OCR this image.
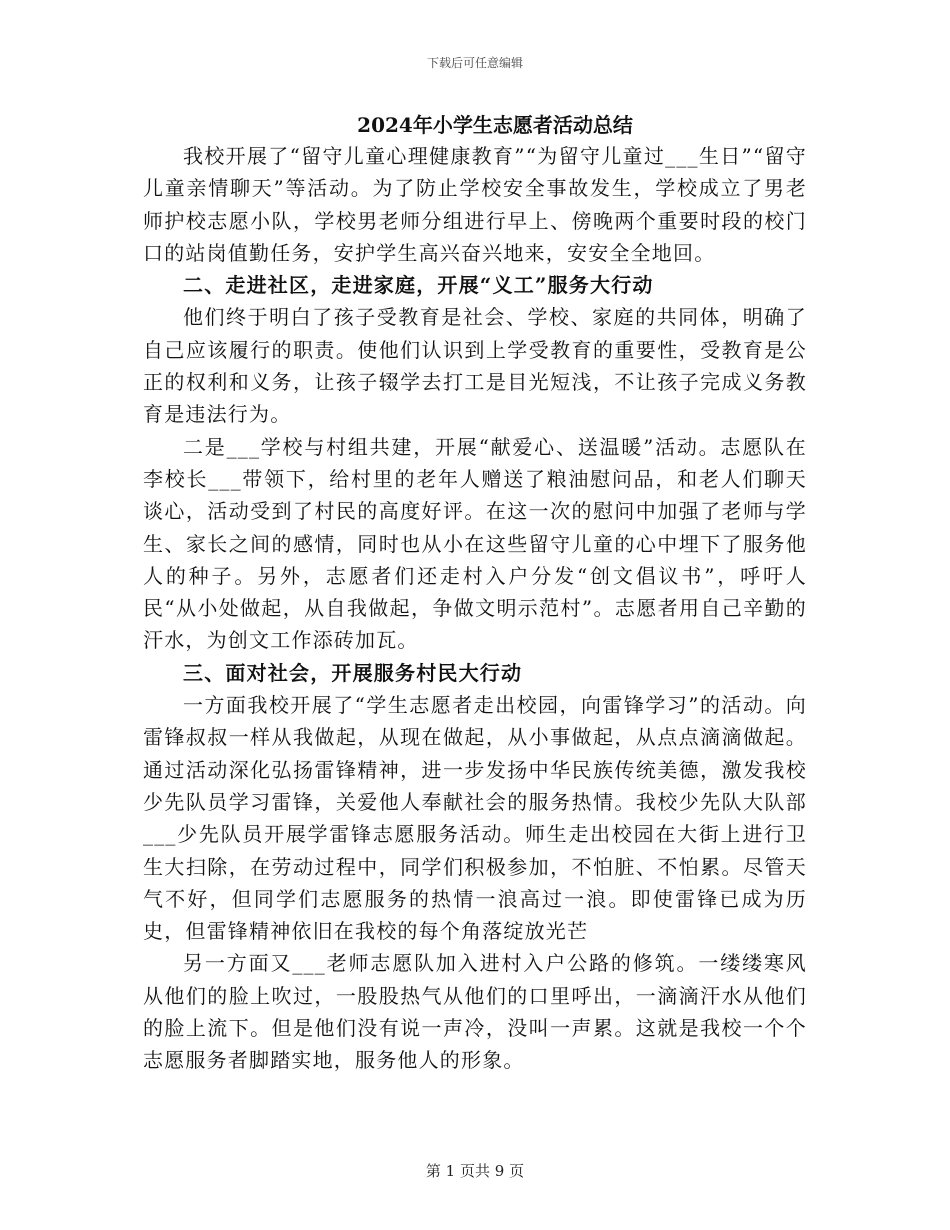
下载后可任意编辑
2024年小学生志愿者活动总结

我校开展了“留守儿童心理健康教育”“为留守儿童过___生日”“留守儿童亲情聊天”等活动。为了防止学校安全事故发生，学校成立了男老师护校志愿小队，学校男老师分组进行早上、傍晚两个重要时段的校门口的站岗值勤任务，安护学生高兴奋兴地来，安安全全地回。

二、走进社区，走进家庭，开展“义工”服务大行动

他们终于明白了孩子受教育是社会、学校、家庭的共同体，明确了自己应该履行的职责。使他们认识到上学受教育的重要性，受教育是公正的权利和义务，让孩子辍学去打工是目光短浅，不让孩子完成义务教育是违法行为。

二是___学校与村组共建，开展“献爱心、送温暖”活动。志愿队在李校长___带领下，给村里的老年人赠送了粮油慰问品，和老人们聊天谈心，活动受到了村民的高度好评。在这一次的慰问中加强了老师与学生、家长之间的感情，同时也从小在这些留守儿童的心中埋下了服务他人的种子。另外，志愿者们还走村入户分发“创文倡议书”，呼吁人民“从小处做起，从自我做起，争做文明示范村”。志愿者用自己辛勤的汗水，为创文工作添砖加瓦。

三、面对社会，开展服务村民大行动

一方面我校开展了“学生志愿者走出校园，向雷锋学习”的活动。向雷锋叔叔一样从我做起，从现在做起，从小事做起，从点点滴滴做起。通过活动深化弘扬雷锋精神，进一步发扬中华民族传统美德，激发我校少先队员学习雷锋，关爱他人奉献社会的服务热情。我校少先队大队部___少先队员开展学雷锋志愿服务活动。师生走出校园在大街上进行卫生大扫除，在劳动过程中，同学们积极参加，不怕脏、不怕累。尽管天气不好，但同学们志愿服务的热情一浪高过一浪。即使雷锋已成为历史，但雷锋精神依旧在我校的每个角落绽放光芒

另一方面又___老师志愿队加入进村入户公路的修筑。一缕缕寒风从他们的脸上吹过，一股股热气从他们的口里呼出，一滴滴汗水从他们的脸上流下。但是他们没有说一声冷，没叫一声累。这就是我校一个个志愿服务者脚踏实地，服务他人的形象。

第 1 页共 9 页
